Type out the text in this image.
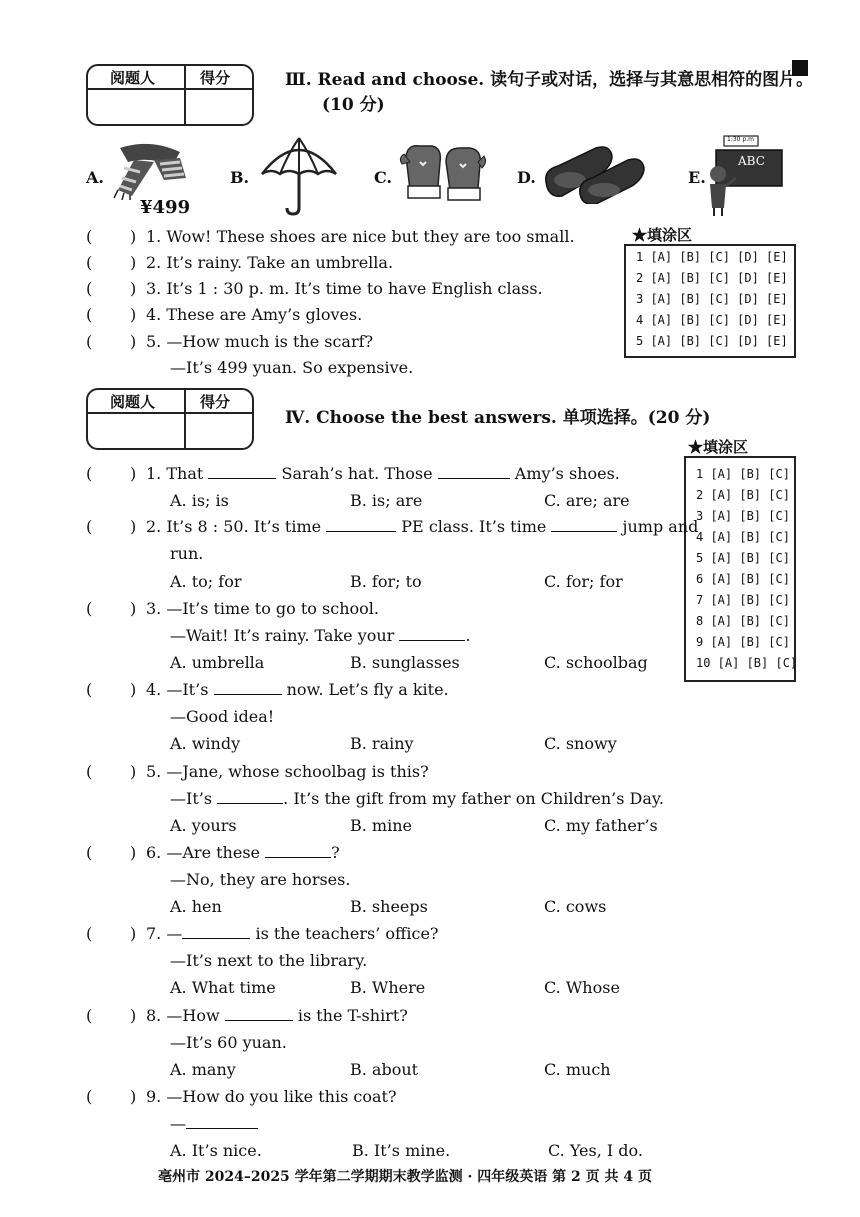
阅题人	得分	Ⅲ. Read and choose. 读句子或对话，选择与其意思相符的图片。
(10 分)
A.
¥499
B.	C.	D.	E.
1:30 p.m
ABC
( ) 1. Wow! These shoes are nice but they are too small.
( ) 2. It’s rainy. Take an umbrella.
( ) 3. It’s 1 : 30 p. m. It’s time to have English class.
( ) 4. These are Amy’s gloves.
( ) 5. —How much is the scarf?
—It’s 499 yuan. So expensive.
★填涂区
1 [A] [B] [C] [D] [E]
2 [A] [B] [C] [D] [E]
3 [A] [B] [C] [D] [E]
4 [A] [B] [C] [D] [E]
5 [A] [B] [C] [D] [E]
阅题人	得分
Ⅳ. Choose the best answers. 单项选择。(20 分)
★填涂区
1 [A] [B] [C]
2 [A] [B] [C]
3 [A] [B] [C]
4 [A] [B] [C]
5 [A] [B] [C]
6 [A] [B] [C]
7 [A] [B] [C]
8 [A] [B] [C]
9 [A] [B] [C]
10 [A] [B] [C]
( ) 1. That	Sarah’s hat. Those	Amy’s shoes.
A. is; is	B. is; are	C. are; are
( ) 2. It’s 8 : 50. It’s time	PE class. It’s time	jump and
run.
A. to; for	B. for; to	C. for; for
( ) 3. —It’s time to go to school.
—Wait! It’s rainy. Take your	.
A. umbrella	B. sunglasses	C. schoolbag
( ) 4. —It’s	now. Let’s fly a kite.
—Good idea!
A. windy	B. rainy	C. snowy
( ) 5. —Jane, whose schoolbag is this?
—It’s	. It’s the gift from my father on Children’s Day.
A. yours	B. mine	C. my father’s
( ) 6. —Are these	?
—No, they are horses.
A. hen	B. sheeps	C. cows
( ) 7. —	is the teachers’ office?
—It’s next to the library.
A. What time	B. Where	C. Whose
( ) 8. —How	is the T-shirt?
—It’s 60 yuan.
A. many	B. about	C. much
( ) 9. —How do you like this coat?
—
A. It’s nice.	B. It’s mine.	C. Yes, I do.
亳州市 2024–2025 学年第二学期期末教学监测 · 四年级英语 第 2 页 共 4 页
